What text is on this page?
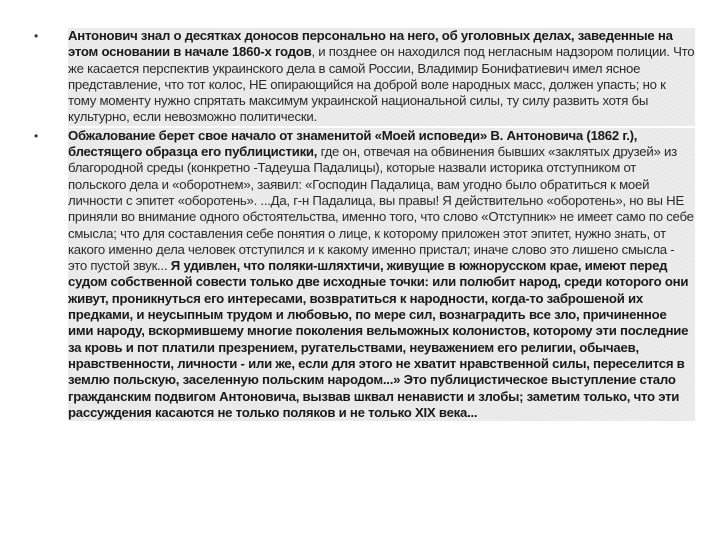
• Антонович знал о десятках доносов персонально на него, об уголовных делах, заведенные на этом основании в начале 1860-х годов, и позднее он находился под негласным надзором полиции. Что же касается перспектив украинского дела в самой России, Владимир Бонифатиевич имел ясное представление, что тот колос, НЕ опирающийся на доброй воле народных масс, должен упасть; но к тому моменту нужно спрятать максимум украинской национальной силы, ту силу развить хотя бы культурно, если невозможно политически.
• Обжалование берет свое начало от знаменитой «Моей исповеди» В. Антоновича (1862 г.), блестящего образца его публицистики, где он, отвечая на обвинения бывших «заклятых друзей» из благородной среды (конкретно -Тадеуша Падалицы), которые назвали историка отступником от польского дела и «оборотнем», заявил: «Господин Падалица, вам угодно было обратиться к моей личности с эпитет «оборотень». ...Да, г-н Падалица, вы правы! Я действительно «оборотень», но вы НЕ приняли во внимание одного обстоятельства, именно того, что слово «Отступник» не имеет само по себе смысла; что для составления себе понятия о лице, к которому приложен этот эпитет, нужно знать, от какого именно дела человек отступился и к какому именно пристал; иначе слово это лишено смысла - это пустой звук... Я удивлен, что поляки-шляхтичи, живущие в южнорусском крае, имеют перед судом собственной совести только две исходные точки: или полюбит народ, среди которого они живут, проникнуться его интересами, возвратиться к народности, когда-то заброшеной их предками, и неусыпным трудом и любовью, по мере сил, вознаградить все зло, причиненное ими народу, вскормившему многие поколения вельможных колонистов, которому эти последние за кровь и пот платили презрением, ругательствами, неуважением его религии, обычаев, нравственности, личности - или же, если для этого не хватит нравственной силы, переселится в землю польскую, заселенную польским народом...» Это публицистическое выступление стало гражданским подвигом Антоновича, вызвав шквал ненависти и злобы; заметим только, что эти рассуждения касаются не только поляков и не только XIX века...
